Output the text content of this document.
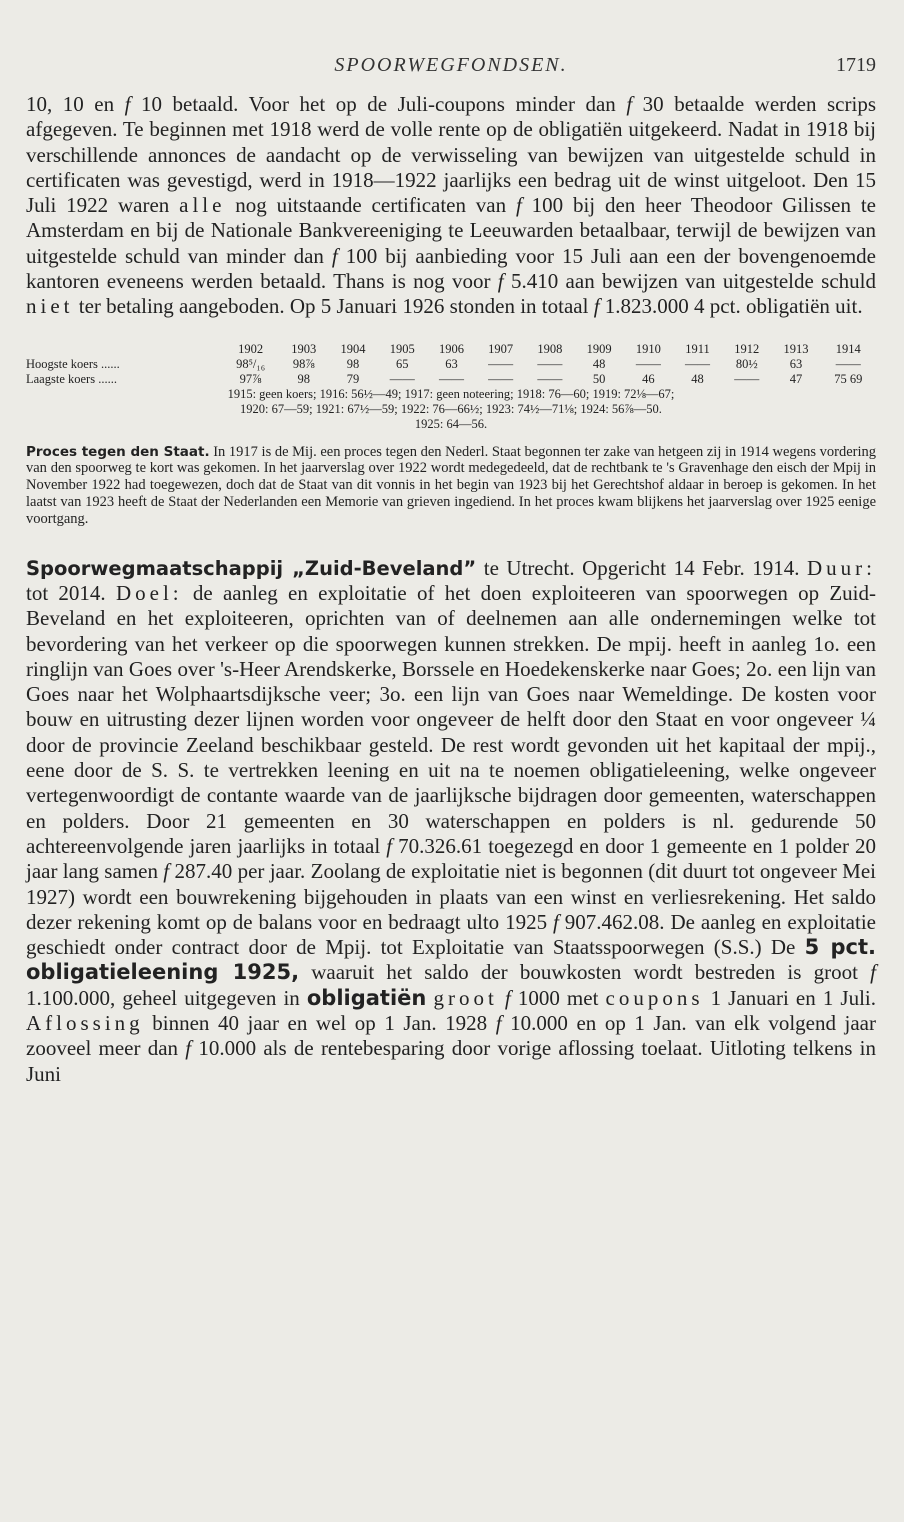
SPOORWEGFONDSEN.	1719

10, 10 en f 10 betaald. Voor het op de Juli-coupons minder dan f 30 betaalde werden scrips afgegeven. Te beginnen met 1918 werd de volle rente op de obligatiën uitgekeerd. Nadat in 1918 bij verschillende annonces de aandacht op de verwisseling van bewijzen van uitgestelde schuld in certificaten was gevestigd, werd in 1918—1922 jaarlijks een bedrag uit de winst uitgeloot. Den 15 Juli 1922 waren alle nog uitstaande certificaten van f 100 bij den heer Theodoor Gilissen te Amsterdam en bij de Nationale Bankvereeniging te Leeuwarden betaalbaar, terwijl de bewijzen van uitgestelde schuld van minder dan f 100 bij aanbieding voor 15 Juli aan een der bovengenoemde kantoren eveneens werden betaald. Thans is nog voor f 5.410 aan bewijzen van uitgestelde schuld niet ter betaling aangeboden. Op 5 Januari 1926 stonden in totaal f 1.823.000 4 pct. obligatiën uit.

	1902	1903	1904	1905	1906	1907	1908	1909	1910	1911	1912	1913	1914
Hoogste koers ......	98⁵/₁₆	98⅞	98	65	63	——	——	48	——	——	80½	63	——
Laagste koers ......	97⅞	98	79	——	——	——	——	50	46	48	——	47	75 69
1915: geen koers; 1916: 56½—49; 1917: geen noteering; 1918: 76—60; 1919: 72⅛—67;
1920: 67—59; 1921: 67½—59; 1922: 76—66½; 1923: 74½—71⅛; 1924: 56⅞—50.
1925: 64—56.

Proces tegen den Staat. In 1917 is de Mij. een proces tegen den Nederl. Staat begonnen ter zake van hetgeen zij in 1914 wegens vordering van den spoorweg te kort was gekomen. In het jaarverslag over 1922 wordt medegedeeld, dat de rechtbank te 's Gravenhage den eisch der Mpij in November 1922 had toegewezen, doch dat de Staat van dit vonnis in het begin van 1923 bij het Gerechtshof aldaar in beroep is gekomen. In het laatst van 1923 heeft de Staat der Nederlanden een Memorie van grieven ingediend. In het proces kwam blijkens het jaarverslag over 1925 eenige voortgang.

Spoorwegmaatschappij „Zuid-Beveland” te Utrecht. Opgericht 14 Febr. 1914. Duur: tot 2014. Doel: de aanleg en exploitatie of het doen exploiteeren van spoorwegen op Zuid-Beveland en het exploiteeren, oprichten van of deelnemen aan alle ondernemingen welke tot bevordering van het verkeer op die spoorwegen kunnen strekken. De mpij. heeft in aanleg 1o. een ringlijn van Goes over 's-Heer Arendskerke, Borssele en Hoedekenskerke naar Goes; 2o. een lijn van Goes naar het Wolphaartsdijksche veer; 3o. een lijn van Goes naar Wemeldinge. De kosten voor bouw en uitrusting dezer lijnen worden voor ongeveer de helft door den Staat en voor ongeveer ¼ door de provincie Zeeland beschikbaar gesteld. De rest wordt gevonden uit het kapitaal der mpij., eene door de S. S. te vertrekken leening en uit na te noemen obligatieleening, welke ongeveer vertegenwoordigt de contante waarde van de jaarlijksche bijdragen door gemeenten, waterschappen en polders. Door 21 gemeenten en 30 waterschappen en polders is nl. gedurende 50 achtereenvolgende jaren jaarlijks in totaal f 70.326.61 toegezegd en door 1 gemeente en 1 polder 20 jaar lang samen f 287.40 per jaar. Zoolang de exploitatie niet is begonnen (dit duurt tot ongeveer Mei 1927) wordt een bouwrekening bijgehouden in plaats van een winst en verliesrekening. Het saldo dezer rekening komt op de balans voor en bedraagt ulto 1925 f 907.462.08. De aanleg en exploitatie geschiedt onder contract door de Mpij. tot Exploitatie van Staatsspoorwegen (S.S.) De 5 pct. obligatieleening 1925, waaruit het saldo der bouwkosten wordt bestreden is groot f 1.100.000, geheel uitgegeven in obligatiën groot f 1000 met coupons 1 Januari en 1 Juli. Aflossing binnen 40 jaar en wel op 1 Jan. 1928 f 10.000 en op 1 Jan. van elk volgend jaar zooveel meer dan f 10.000 als de rentebesparing door vorige aflossing toelaat. Uitloting telkens in Juni
